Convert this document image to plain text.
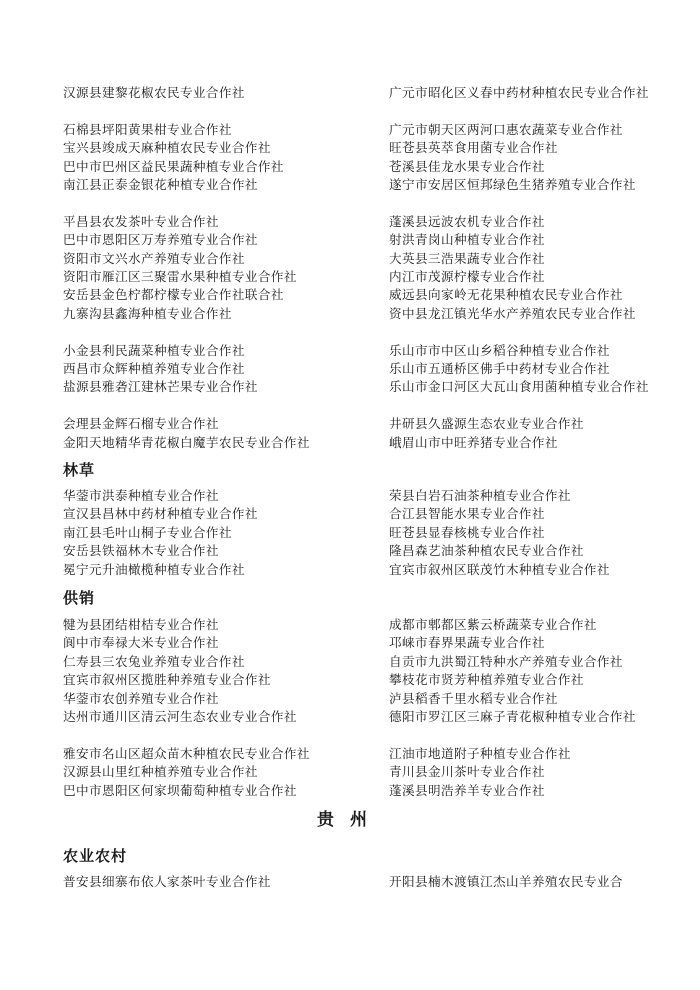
汉源县建黎花椒农民专业合作社
石棉县坪阳黄果柑专业合作社
宝兴县竣成天麻种植农民专业合作社
巴中市巴州区益民果蔬种植专业合作社
南江县正泰金银花种植专业合作社
平昌县农发茶叶专业合作社
巴中市恩阳区万寿养殖专业合作社
资阳市文兴水产养殖专业合作社
资阳市雁江区三聚雷水果种植专业合作社
安岳县金色柠都柠檬专业合作社联合社
九寨沟县鑫海种植专业合作社
小金县利民蔬菜种植专业合作社
西昌市众辉种植养殖专业合作社
盐源县雅砻江建林芒果专业合作社
会理县金辉石榴专业合作社
金阳天地精华青花椒白魔芋农民专业合作社
广元市昭化区义春中药材种植农民专业合作社
广元市朝天区两河口惠农蔬菜专业合作社
旺苍县英萃食用菌专业合作社
苍溪县佳龙水果专业合作社
遂宁市安居区恒邦绿色生猪养殖专业合作社
蓬溪县远波农机专业合作社
射洪青岗山种植专业合作社
大英县三浩果蔬专业合作社
内江市茂源柠檬专业合作社
威远县向家岭无花果种植农民专业合作社
资中县龙江镇光华水产养殖农民专业合作社
乐山市市中区山乡稻谷种植专业合作社
乐山市五通桥区佛手中药材专业合作社
乐山市金口河区大瓦山食用菌种植专业合作社
井研县久盛源生态农业专业合作社
峨眉山市中旺养猪专业合作社
林草
华蓥市洪泰种植专业合作社
宣汉县昌林中药材种植专业合作社
南江县毛叶山桐子专业合作社
安岳县铁福林木专业合作社
冕宁元升油橄榄种植专业合作社
荣县白岩石油茶种植专业合作社
合江县智能水果专业合作社
旺苍县显春核桃专业合作社
隆昌森艺油茶种植农民专业合作社
宜宾市叙州区联茂竹木种植专业合作社
供销
犍为县团结柑桔专业合作社
阆中市奉禄大米专业合作社
仁寿县三农兔业养殖专业合作社
宜宾市叙州区揽胜种养殖专业合作社
华蓥市农创养殖专业合作社
达州市通川区清云河生态农业专业合作社
雅安市名山区超众苗木种植农民专业合作社
汉源县山里红种植养殖专业合作社
巴中市恩阳区何家坝葡萄种植专业合作社
成都市郫都区紫云桥蔬菜专业合作社
邛崃市春界果蔬专业合作社
自贡市九洪蜀江特种水产养殖专业合作社
攀枝花市贤芳种植养殖专业合作社
泸县稻香千里水稻专业合作社
德阳市罗江区三麻子青花椒种植专业合作社
江油市地道附子种植专业合作社
青川县金川茶叶专业合作社
蓬溪县明浩养羊专业合作社
贵州
农业农村
普安县细寨布依人家茶叶专业合作社	开阳县楠木渡镇江杰山羊养殖农民专业合
